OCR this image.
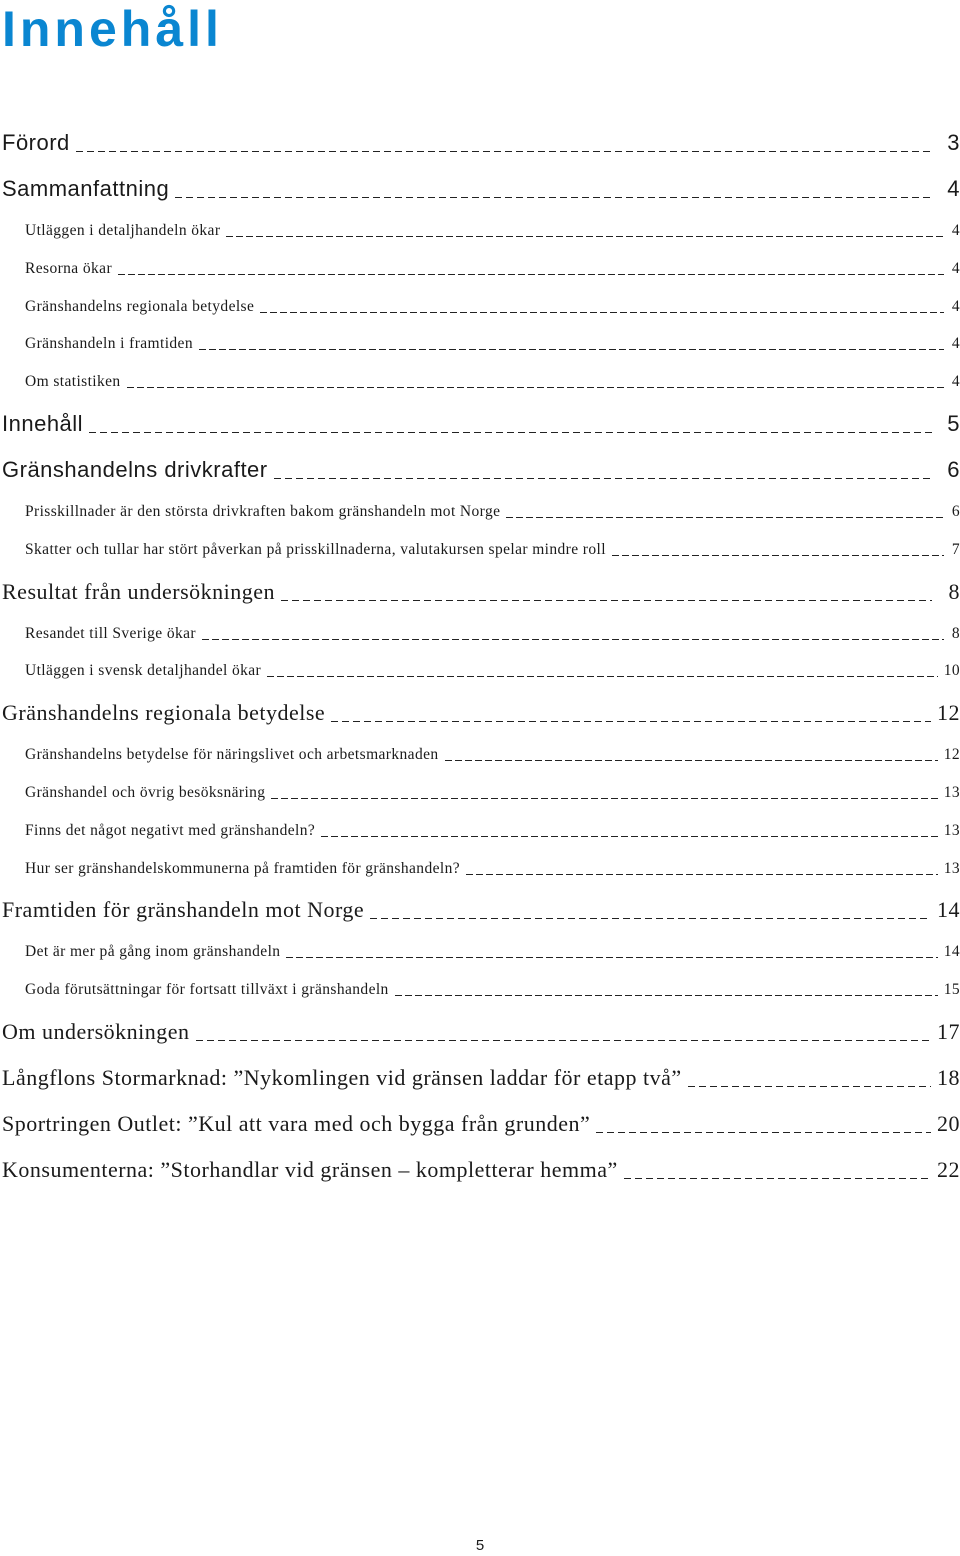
Innehåll
Förord	3
Sammanfattning	4
Utläggen i detaljhandeln ökar	4
Resorna ökar	4
Gränshandelns regionala betydelse	4
Gränshandeln i framtiden	4
Om statistiken	4
Innehåll	5
Gränshandelns drivkrafter	6
Prisskillnader är den största drivkraften bakom gränshandeln mot Norge	6
Skatter och tullar har stört påverkan på prisskillnaderna, valutakursen spelar mindre roll	7
Resultat från undersökningen	8
Resandet till Sverige ökar	8
Utläggen i svensk detaljhandel ökar	10
Gränshandelns regionala betydelse	12
Gränshandelns betydelse för näringslivet och arbetsmarknaden	12
Gränshandel och övrig besöksnäring	13
Finns det något negativt med gränshandeln?	13
Hur ser gränshandelskommunerna på framtiden för gränshandeln?	13
Framtiden för gränshandeln mot Norge	14
Det är mer på gång inom gränshandeln	14
Goda förutsättningar för fortsatt tillväxt i gränshandeln	15
Om undersökningen	17
Långflons Stormarknad: ”Nykomlingen vid gränsen laddar för etapp två”	18
Sportringen Outlet: ”Kul att vara med och bygga från grunden”	20
Konsumenterna: ”Storhandlar vid gränsen – kompletterar hemma”	22

5
